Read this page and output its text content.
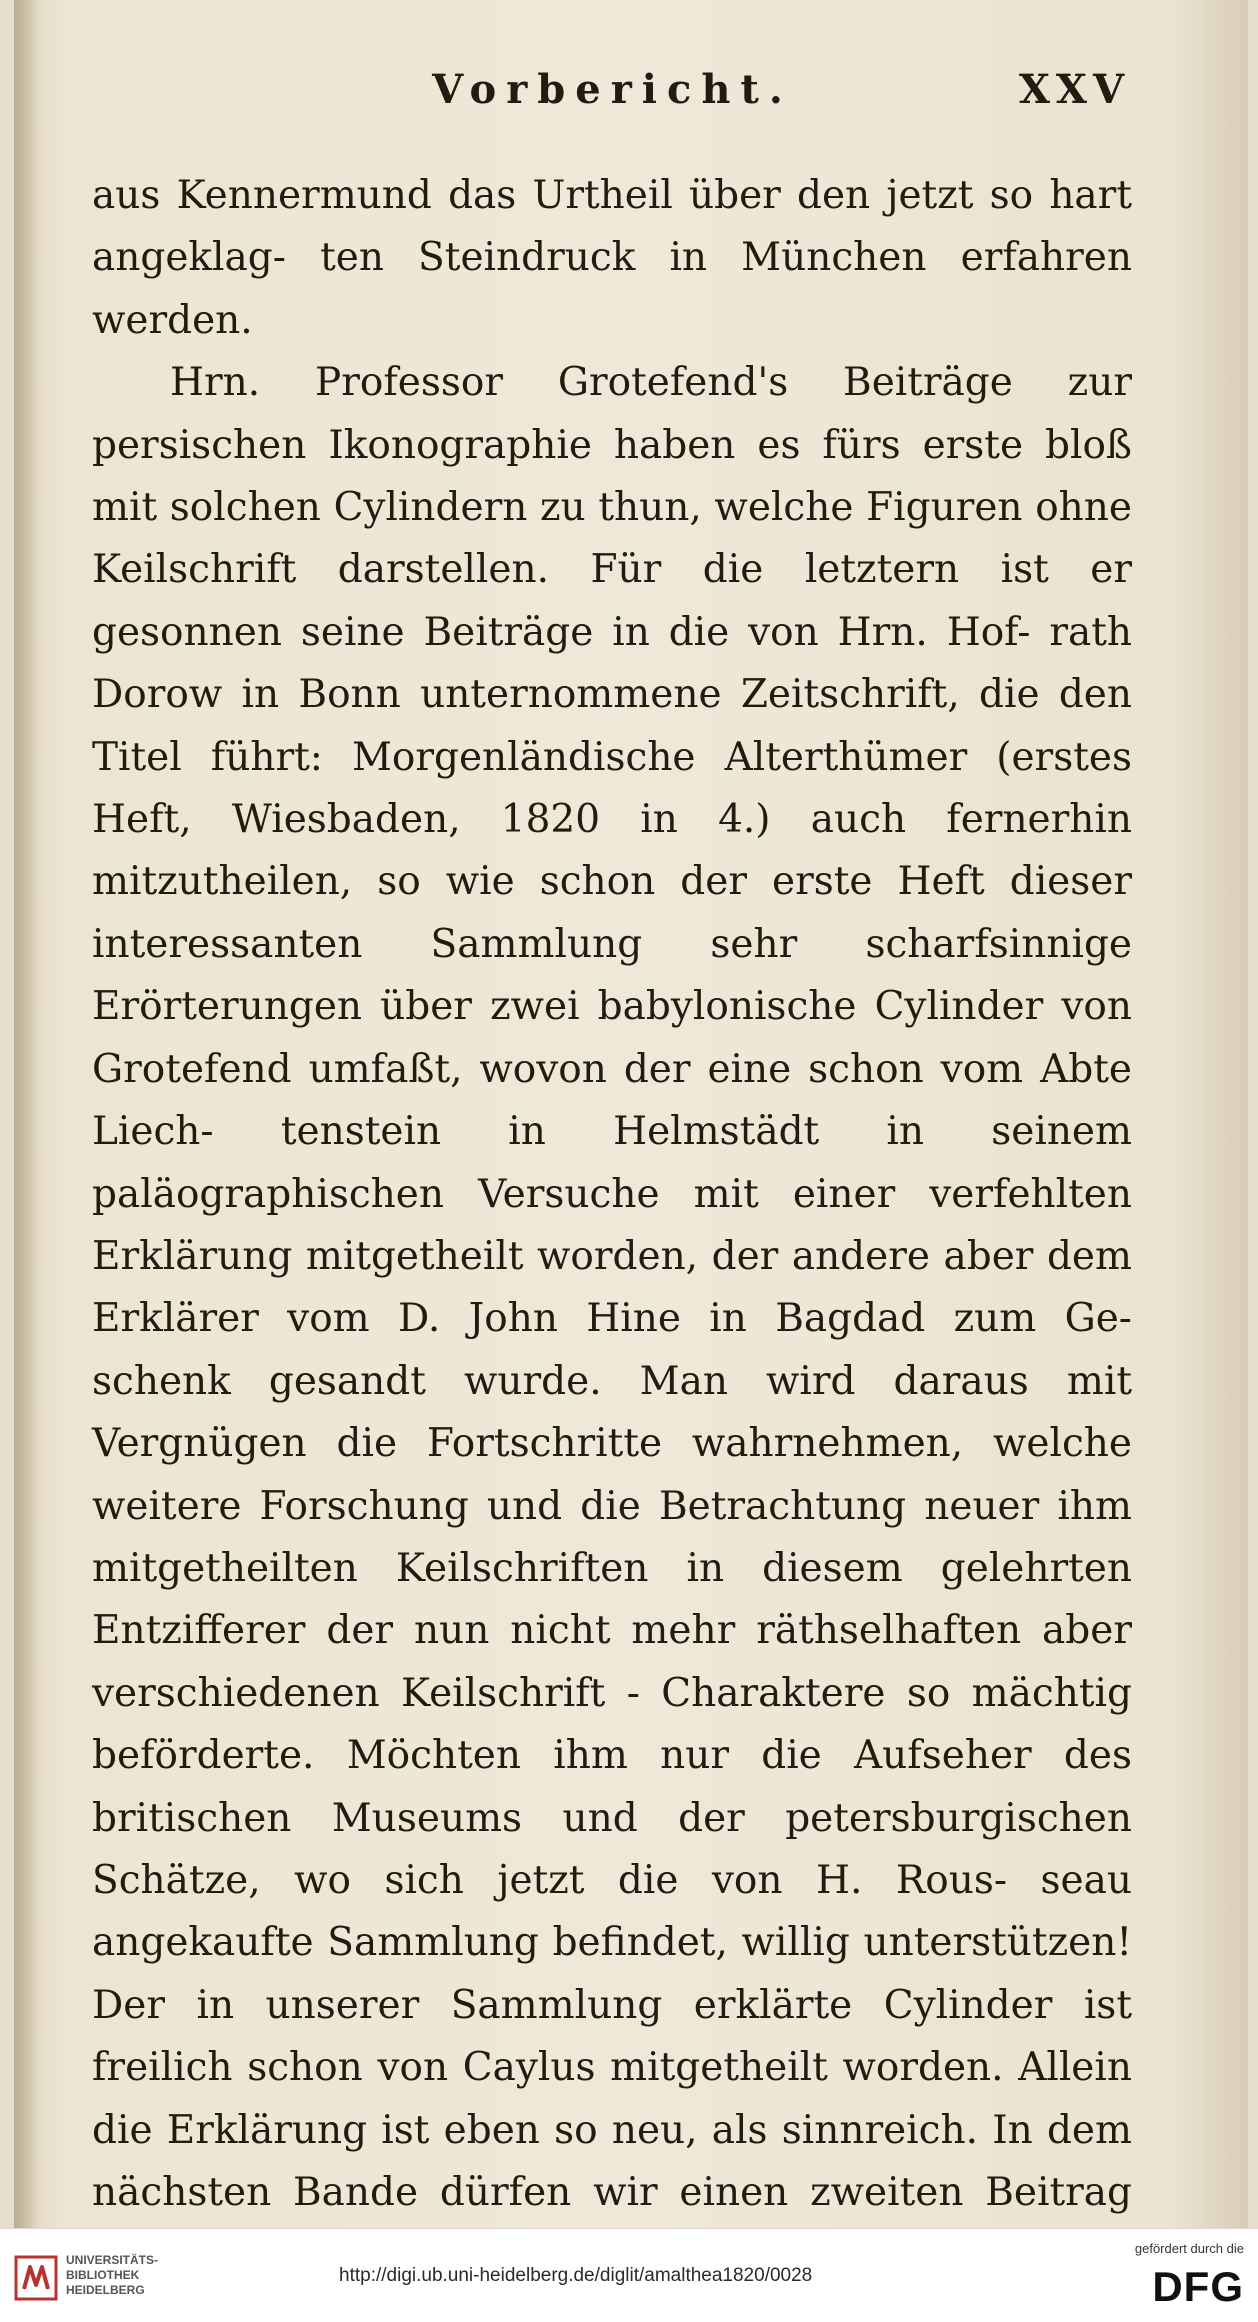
Vorbericht.	XXV

aus Kennermund das Urtheil über den jetzt so hart angeklag- ten Steindruck in München erfahren werden.

Hrn. Professor Grotefend's Beiträge zur persischen Ikonographie haben es fürs erste bloß mit solchen Cylindern zu thun, welche Figuren ohne Keilschrift darstellen. Für die letztern ist er gesonnen seine Beiträge in die von Hrn. Hof- rath Dorow in Bonn unternommene Zeitschrift, die den Titel führt: Morgenländische Alterthümer (erstes Heft, Wiesbaden, 1820 in 4.) auch fernerhin mitzutheilen, so wie schon der erste Heft dieser interessanten Sammlung sehr scharfsinnige Erörterungen über zwei babylonische Cylinder von Grotefend umfaßt, wovon der eine schon vom Abte Liech- tenstein in Helmstädt in seinem paläographischen Versuche mit einer verfehlten Erklärung mitgetheilt worden, der andere aber dem Erklärer vom D. John Hine in Bagdad zum Ge- schenk gesandt wurde. Man wird daraus mit Vergnügen die Fortschritte wahrnehmen, welche weitere Forschung und die Betrachtung neuer ihm mitgetheilten Keilschriften in diesem gelehrten Entzifferer der nun nicht mehr räthselhaften aber verschiedenen Keilschrift - Charaktere so mächtig beförderte. Möchten ihm nur die Aufseher des britischen Museums und der petersburgischen Schätze, wo sich jetzt die von H. Rous- seau angekaufte Sammlung befindet, willig unterstützen! Der in unserer Sammlung erklärte Cylinder ist freilich schon von Caylus mitgetheilt worden. Allein die Erklärung ist eben so neu, als sinnreich. In dem nächsten Bande dürfen wir einen zweiten Beitrag

UNIVERSITÄTS-
BIBLIOTHEK
HEIDELBERG
http://digi.ub.uni-heidelberg.de/diglit/amalthea1820/0028
gefördert durch die
DFG
